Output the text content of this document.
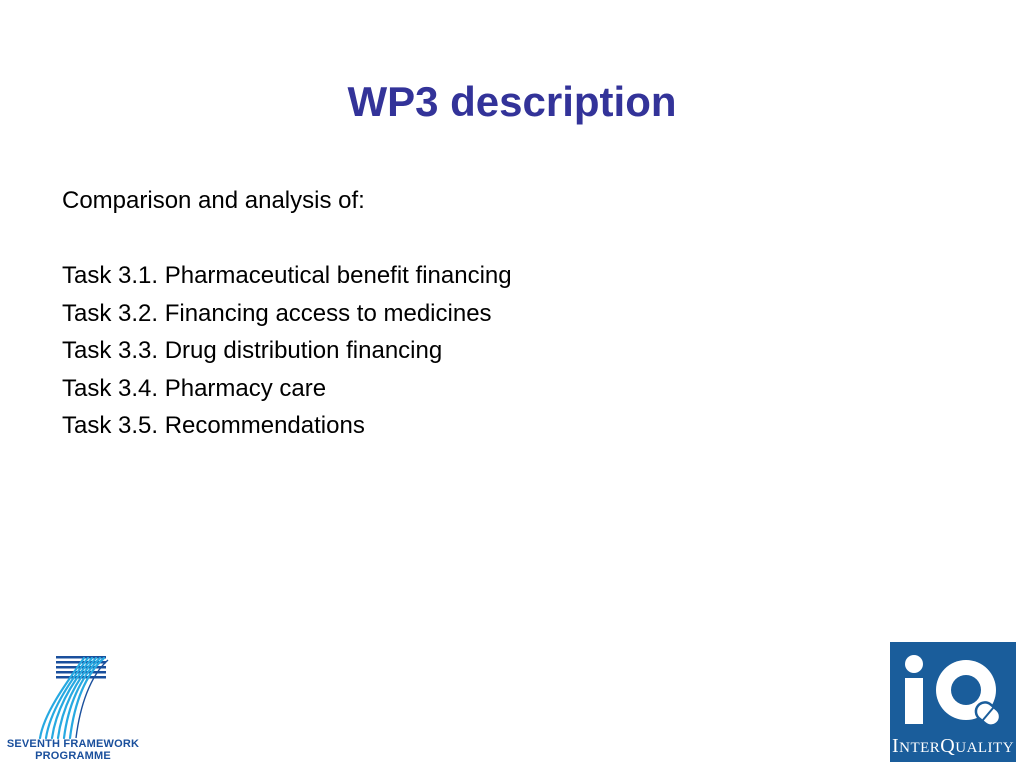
WP3 description
Comparison and analysis of:
Task 3.1. Pharmaceutical benefit financing
Task 3.2. Financing access to medicines
Task 3.3. Drug distribution financing
Task 3.4. Pharmacy care
Task 3.5. Recommendations
SEVENTH FRAMEWORK
PROGRAMME	INTERQUALITY
